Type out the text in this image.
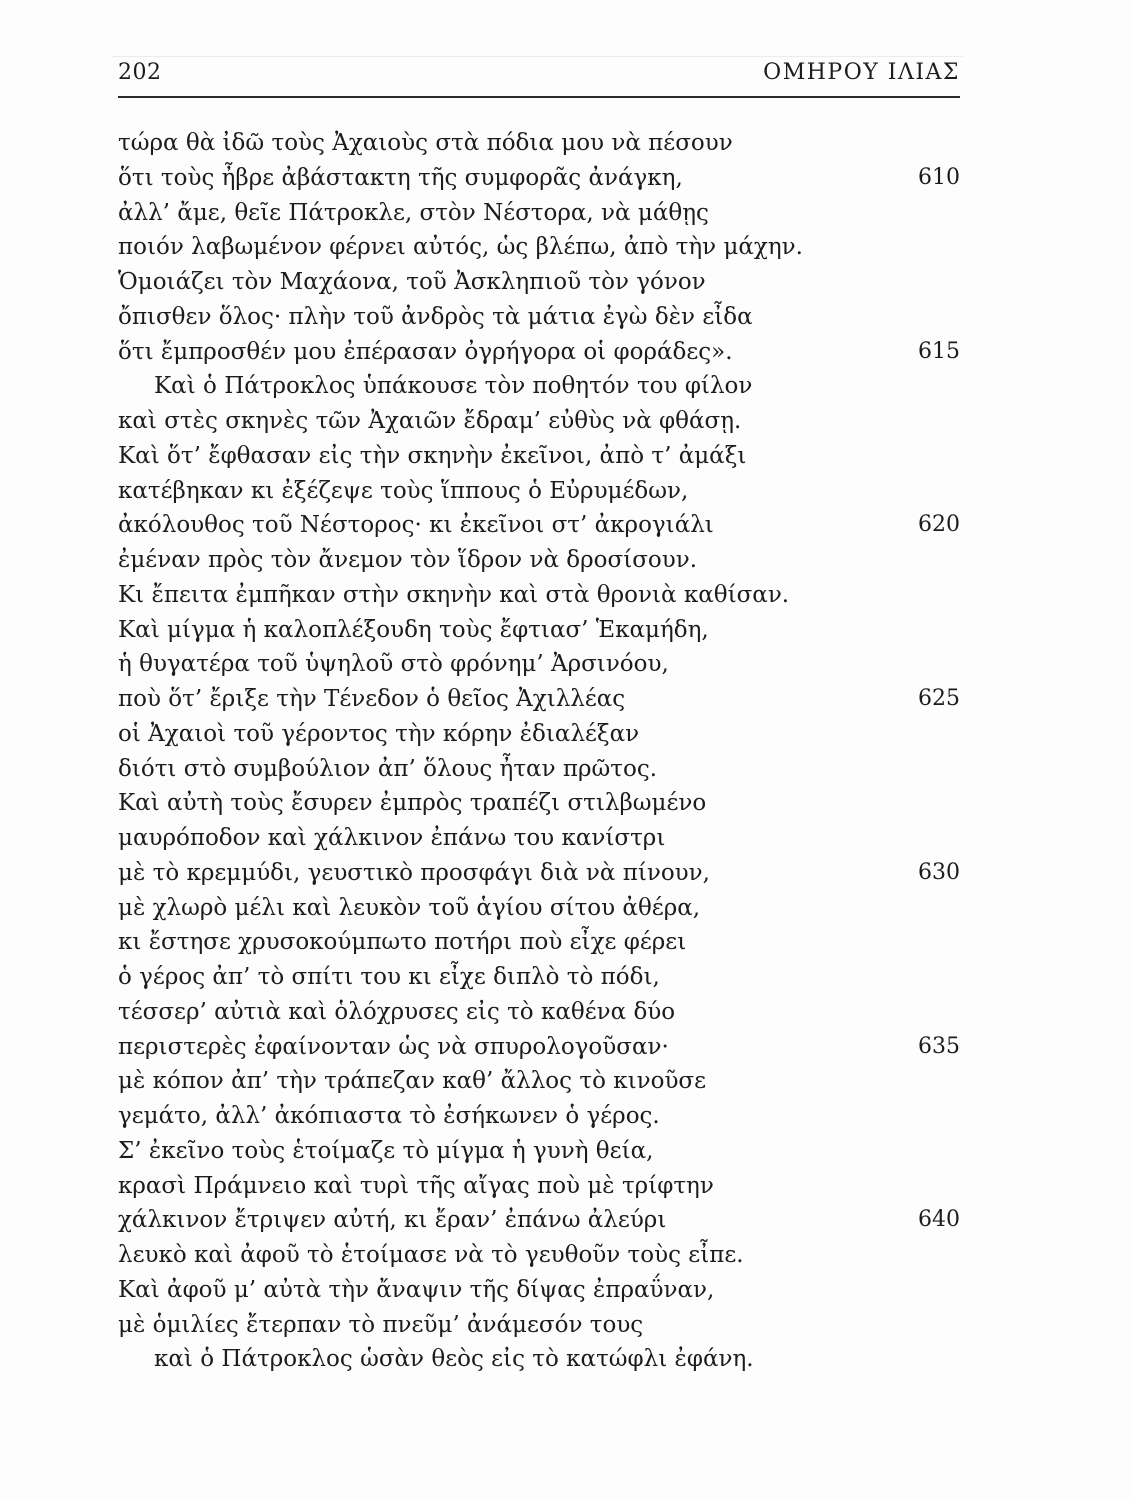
202	ΟΜΗΡΟΥ ΙΛΙΑΣ
τώρα θὰ ἰδῶ τοὺς Ἀχαιοὺς στὰ πόδια μου νὰ πέσουν
ὅτι τοὺς ἦβρε ἀβάστακτη τῆς συμφορᾶς ἀνάγκη,	610
ἀλλ’ ἄμε, θεῖε Πάτροκλε, στὸν Νέστορα, νὰ μάθῃς
ποιόν λαβωμένον φέρνει αὐτός, ὡς βλέπω, ἀπὸ τὴν μάχην.
Ὁμοιάζει τὸν Μαχάονα, τοῦ Ἀσκληπιοῦ τὸν γόνον
ὄπισθεν ὅλος· πλὴν τοῦ ἀνδρὸς τὰ μάτια ἐγὼ δὲν εἶδα
ὅτι ἔμπροσθέν μου ἐπέρασαν ὀγρήγορα οἱ φοράδες».	615
Καὶ ὁ Πάτροκλος ὑπάκουσε τὸν ποθητόν του φίλον
καὶ στὲς σκηνὲς τῶν Ἀχαιῶν ἔδραμ’ εὐθὺς νὰ φθάσῃ.
Καὶ ὅτ’ ἔφθασαν εἰς τὴν σκηνὴν ἐκεῖνοι, ἀπὸ τ’ ἀμάξι
κατέβηκαν κι ἐξέζεψε τοὺς ἵππους ὁ Εὐρυμέδων,
ἀκόλουθος τοῦ Νέστορος· κι ἐκεῖνοι στ’ ἀκρογιάλι	620
ἐμέναν πρὸς τὸν ἄνεμον τὸν ἵδρον νὰ δροσίσουν.
Κι ἔπειτα ἐμπῆκαν στὴν σκηνὴν καὶ στὰ θρονιὰ καθίσαν.
Καὶ μίγμα ἡ καλοπλέξουδη τοὺς ἔφτιασ’ Ἑκαμήδη,
ἡ θυγατέρα τοῦ ὑψηλοῦ στὸ φρόνημ’ Ἀρσινόου,
ποὺ ὅτ’ ἔριξε τὴν Τένεδον ὁ θεῖος Ἀχιλλέας	625
οἱ Ἀχαιοὶ τοῦ γέροντος τὴν κόρην ἐδιαλέξαν
διότι στὸ συμβούλιον ἀπ’ ὅλους ἦταν πρῶτος.
Καὶ αὐτὴ τοὺς ἔσυρεν ἐμπρὸς τραπέζι στιλβωμένο
μαυρόποδον καὶ χάλκινον ἐπάνω του κανίστρι
μὲ τὸ κρεμμύδι, γευστικὸ προσφάγι διὰ νὰ πίνουν,	630
μὲ χλωρὸ μέλι καὶ λευκὸν τοῦ ἁγίου σίτου ἀθέρα,
κι ἔστησε χρυσοκούμπωτο ποτήρι ποὺ εἶχε φέρει
ὁ γέρος ἀπ’ τὸ σπίτι του κι εἶχε διπλὸ τὸ πόδι,
τέσσερ’ αὐτιὰ καὶ ὁλόχρυσες εἰς τὸ καθένα δύο
περιστερὲς ἐφαίνονταν ὡς νὰ σπυρολογοῦσαν·	635
μὲ κόπον ἀπ’ τὴν τράπεζαν καθ’ ἄλλος τὸ κινοῦσε
γεμάτο, ἀλλ’ ἀκόπιαστα τὸ ἐσήκωνεν ὁ γέρος.
Σ’ ἐκεῖνο τοὺς ἑτοίμαζε τὸ μίγμα ἡ γυνὴ θεία,
κρασὶ Πράμνειο καὶ τυρὶ τῆς αἴγας ποὺ μὲ τρίφτην
χάλκινον ἔτριψεν αὐτή, κι ἔραν’ ἐπάνω ἀλεύρι	640
λευκὸ καὶ ἀφοῦ τὸ ἑτοίμασε νὰ τὸ γευθοῦν τοὺς εἶπε.
Καὶ ἀφοῦ μ’ αὐτὰ τὴν ἄναψιν τῆς δίψας ἐπραΰναν,
μὲ ὁμιλίες ἔτερπαν τὸ πνεῦμ’ ἀνάμεσόν τους
καὶ ὁ Πάτροκλος ὡσὰν θεὸς εἰς τὸ κατώφλι ἐφάνη.
